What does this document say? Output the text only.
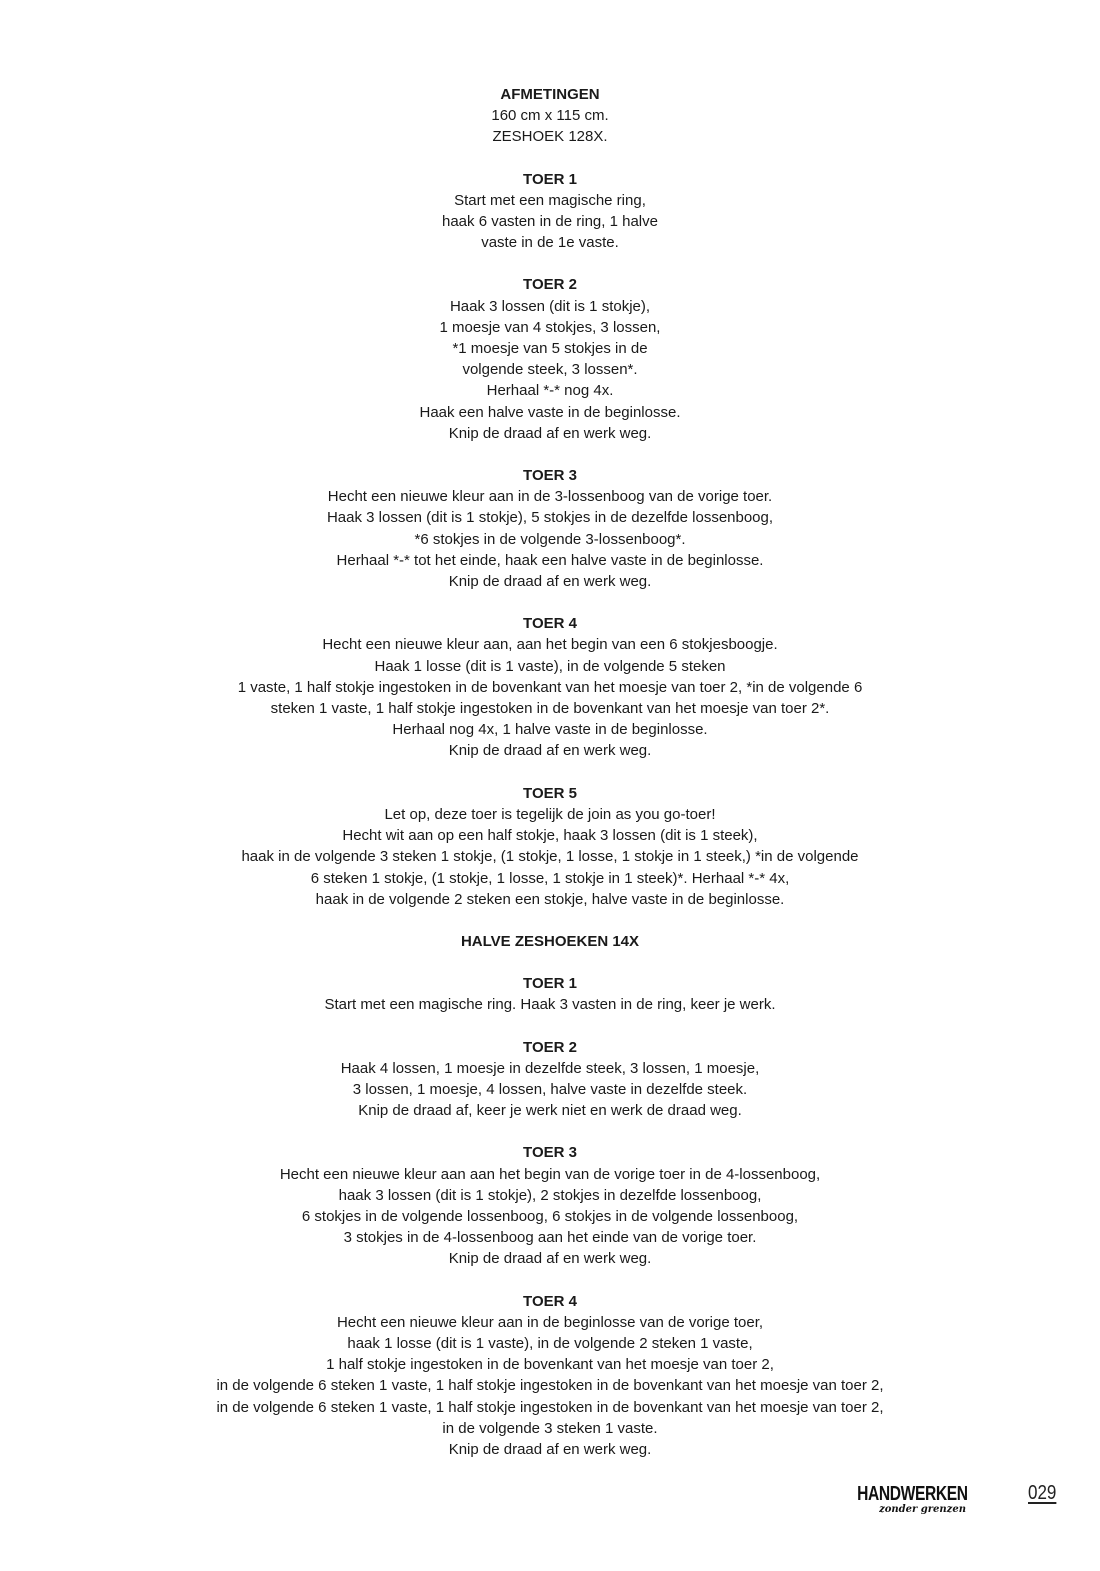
AFMETINGEN

160 cm x 115 cm.

ZESHOEK 128X.

TOER 1

Start met een magische ring,

haak 6 vasten in de ring, 1 halve

vaste in de 1e vaste.

TOER 2

Haak 3 lossen (dit is 1 stokje),

1 moesje van 4 stokjes, 3 lossen,

*1 moesje van 5 stokjes in de

volgende steek, 3 lossen*.

Herhaal *-* nog 4x.

Haak een halve vaste in de beginlosse.

Knip de draad af en werk weg.

TOER 3

Hecht een nieuwe kleur aan in de 3-lossenboog van de vorige toer.

Haak 3 lossen (dit is 1 stokje), 5 stokjes in de dezelfde lossenboog,

*6 stokjes in de volgende 3-lossenboog*.

Herhaal *-* tot het einde, haak een halve vaste in de beginlosse.

Knip de draad af en werk weg.

TOER 4

Hecht een nieuwe kleur aan, aan het begin van een 6 stokjesboogje.

Haak 1 losse (dit is 1 vaste), in de volgende 5 steken

1 vaste, 1 half stokje ingestoken in de bovenkant van het moesje van toer 2, *in de volgende 6

steken 1 vaste, 1 half stokje ingestoken in de bovenkant van het moesje van toer 2*.

Herhaal nog 4x, 1 halve vaste in de beginlosse.

Knip de draad af en werk weg.

TOER 5

Let op, deze toer is tegelijk de join as you go-toer!

Hecht wit aan op een half stokje, haak 3 lossen (dit is 1 steek),

haak in de volgende 3 steken 1 stokje, (1 stokje, 1 losse, 1 stokje in 1 steek,) *in de volgende

6 steken 1 stokje, (1 stokje, 1 losse, 1 stokje in 1 steek)*. Herhaal *-* 4x,

haak in de volgende 2 steken een stokje, halve vaste in de beginlosse.

HALVE ZESHOEKEN 14X

TOER 1

Start met een magische ring. Haak 3 vasten in de ring, keer je werk.

TOER 2

Haak 4 lossen, 1 moesje in dezelfde steek, 3 lossen, 1 moesje,

3 lossen, 1 moesje, 4 lossen, halve vaste in dezelfde steek.

Knip de draad af, keer je werk niet en werk de draad weg.

TOER 3

Hecht een nieuwe kleur aan aan het begin van de vorige toer in de 4-lossenboog,

haak 3 lossen (dit is 1 stokje), 2 stokjes in dezelfde lossenboog,

6 stokjes in de volgende lossenboog, 6 stokjes in de volgende lossenboog,

3 stokjes in de 4-lossenboog aan het einde van de vorige toer.

Knip de draad af en werk weg.

TOER 4

Hecht een nieuwe kleur aan in de beginlosse van de vorige toer,

haak 1 losse (dit is 1 vaste), in de volgende 2 steken 1 vaste,

1 half stokje ingestoken in de bovenkant van het moesje van toer 2,

in de volgende 6 steken 1 vaste, 1 half stokje ingestoken in de bovenkant van het moesje van toer 2,

in de volgende 6 steken 1 vaste, 1 half stokje ingestoken in de bovenkant van het moesje van toer 2,

in de volgende 3 steken 1 vaste.

Knip de draad af en werk weg.

HANDWERKEN
zonder grenzen
029
